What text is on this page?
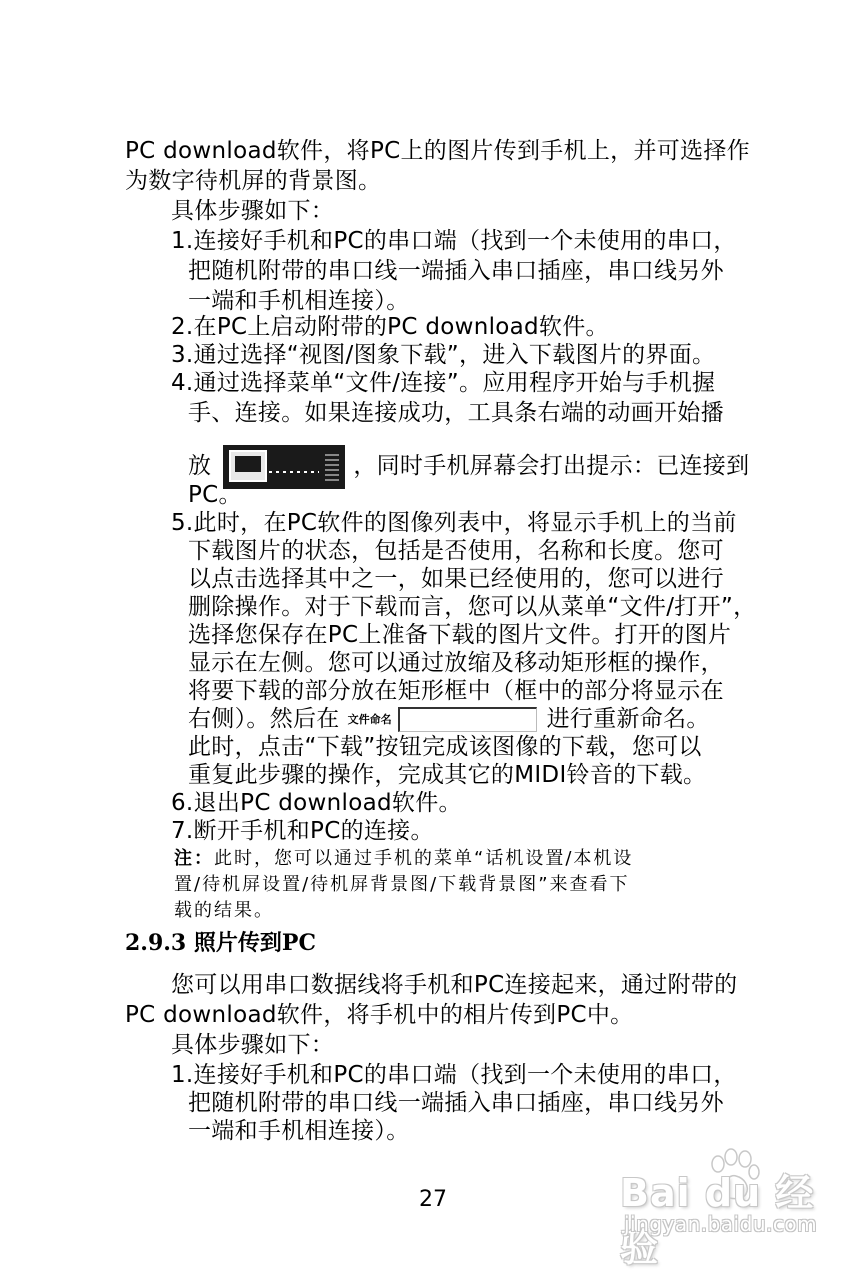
PC download软件，将PC上的图片传到手机上，并可选择作
为数字待机屏的背景图。
具体步骤如下：
1.连接好手机和PC的串口端（找到一个未使用的串口，
把随机附带的串口线一端插入串口插座，串口线另外
一端和手机相连接）。
2.在PC上启动附带的PC download软件。
3.通过选择“视图/图象下载”，进入下载图片的界面。
4.通过选择菜单“文件/连接”。应用程序开始与手机握
手、连接。如果连接成功，工具条右端的动画开始播
放	，同时手机屏幕会打出提示：已连接到
PC。
5.此时，在PC软件的图像列表中，将显示手机上的当前
下载图片的状态，包括是否使用，名称和长度。您可
以点击选择其中之一，如果已经使用的，您可以进行
删除操作。对于下载而言，您可以从菜单“文件/打开”，
选择您保存在PC上准备下载的图片文件。打开的图片
显示在左侧。您可以通过放缩及移动矩形框的操作，
将要下载的部分放在矩形框中（框中的部分将显示在
右侧）。然后在 文件命名	进行重新命名。
此时，点击“下载”按钮完成该图像的下载，您可以
重复此步骤的操作，完成其它的MIDI铃音的下载。
6.退出PC download软件。
7.断开手机和PC的连接。
注：此时，您可以通过手机的菜单“话机设置/本机设
置/待机屏设置/待机屏背景图/下载背景图”来查看下
载的结果。
2.9.3 照片传到PC
您可以用串口数据线将手机和PC连接起来，通过附带的
PC download软件，将手机中的相片传到PC中。
具体步骤如下：
1.连接好手机和PC的串口端（找到一个未使用的串口，
把随机附带的串口线一端插入串口插座，串口线另外
一端和手机相连接）。
27	Bai du 经验
jingyan.baidu.com
